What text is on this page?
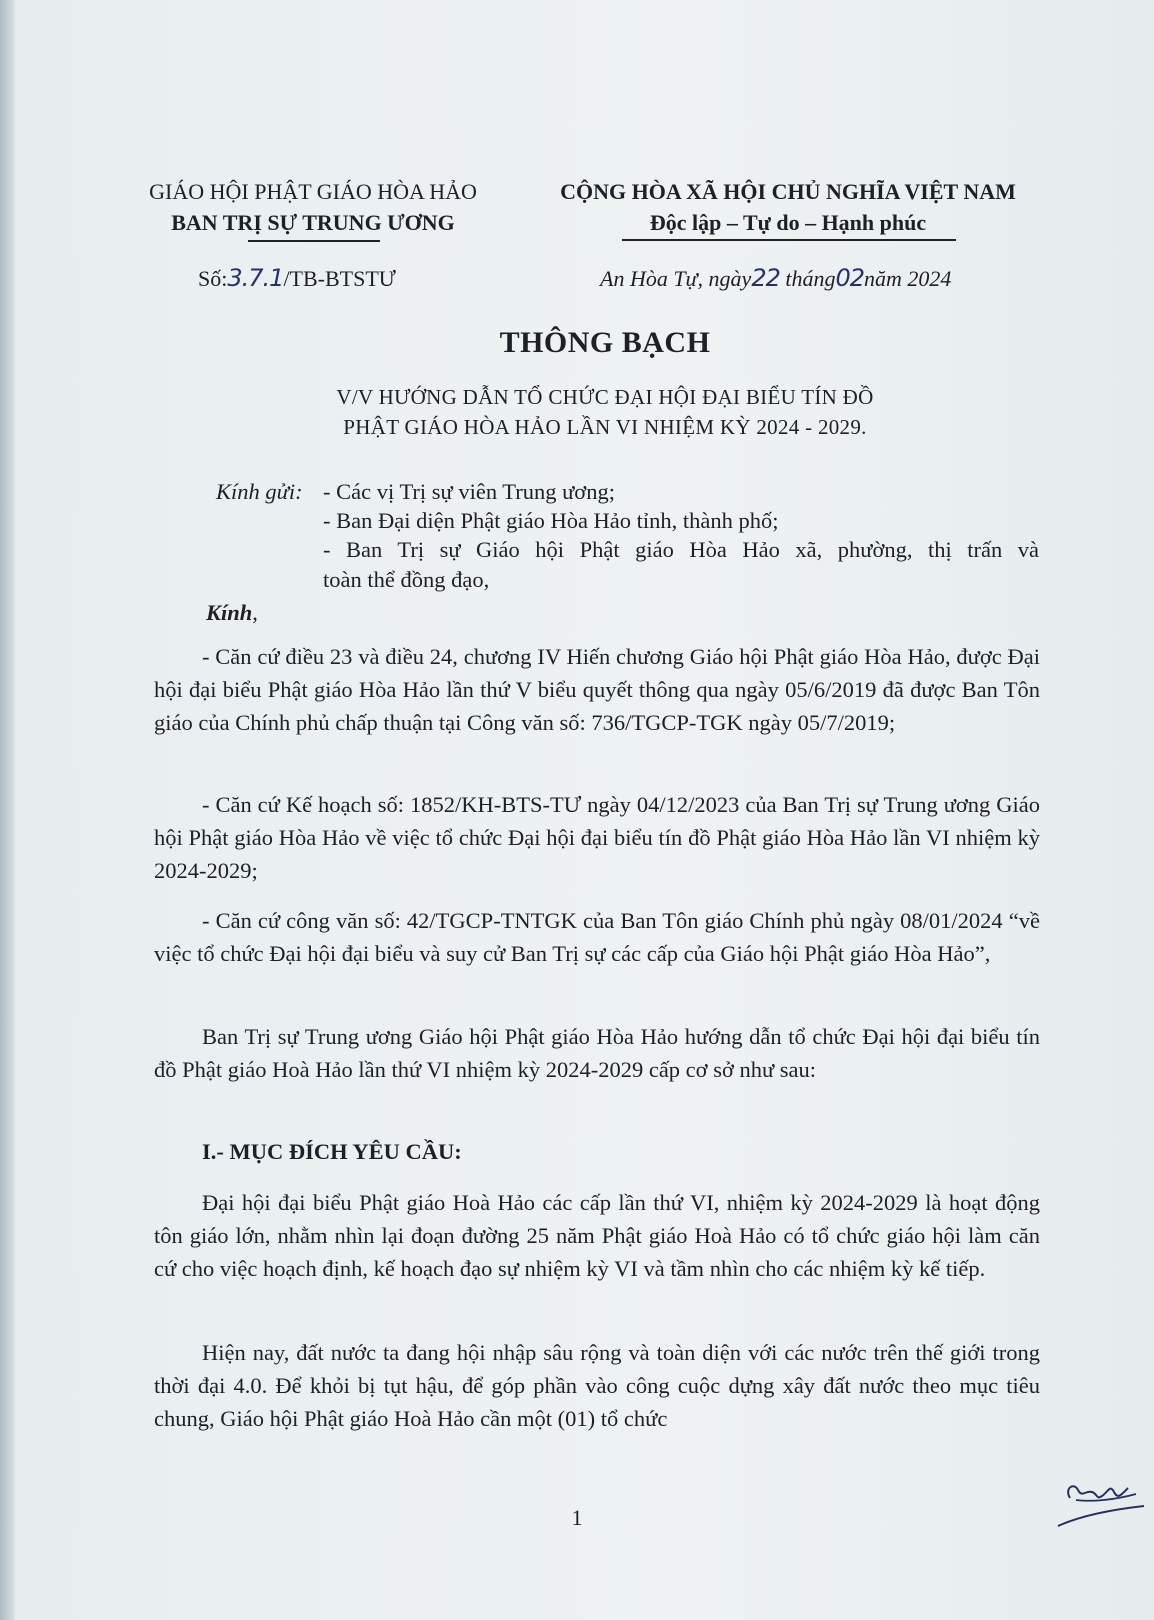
GIÁO HỘI PHẬT GIÁO HÒA HẢO
BAN TRỊ SỰ TRUNG ƯƠNG
CỘNG HÒA XÃ HỘI CHỦ NGHĨA VIỆT NAM
Độc lập – Tự do – Hạnh phúc
Số:3.7.1/TB-BTSTƯ	An Hòa Tự, ngày22 tháng02năm 2024
THÔNG BẠCH
V/V HƯỚNG DẪN TỔ CHỨC ĐẠI HỘI ĐẠI BIỂU TÍN ĐỒ
PHẬT GIÁO HÒA HẢO LẦN VI NHIỆM KỲ 2024 - 2029.
Kính gửi: - Các vị Trị sự viên Trung ương;
- Ban Đại diện Phật giáo Hòa Hảo tỉnh, thành phố;
- Ban Trị sự Giáo hội Phật giáo Hòa Hảo xã, phường, thị trấn và
toàn thể đồng đạo,
Kính,
- Căn cứ điều 23 và điều 24, chương IV Hiến chương Giáo hội Phật giáo Hòa Hảo, được Đại hội đại biểu Phật giáo Hòa Hảo lần thứ V biểu quyết thông qua ngày 05/6/2019 đã được Ban Tôn giáo của Chính phủ chấp thuận tại Công văn số: 736/TGCP-TGK ngày 05/7/2019;
- Căn cứ Kế hoạch số: 1852/KH-BTS-TƯ ngày 04/12/2023 của Ban Trị sự Trung ương Giáo hội Phật giáo Hòa Hảo về việc tổ chức Đại hội đại biểu tín đồ Phật giáo Hòa Hảo lần VI nhiệm kỳ 2024-2029;
- Căn cứ công văn số: 42/TGCP-TNTGK của Ban Tôn giáo Chính phủ ngày 08/01/2024 “về việc tổ chức Đại hội đại biểu và suy cử Ban Trị sự các cấp của Giáo hội Phật giáo Hòa Hảo”,
Ban Trị sự Trung ương Giáo hội Phật giáo Hòa Hảo hướng dẫn tổ chức Đại hội đại biểu tín đồ Phật giáo Hoà Hảo lần thứ VI nhiệm kỳ 2024-2029 cấp cơ sở như sau:
I.- MỤC ĐÍCH YÊU CẦU:
Đại hội đại biểu Phật giáo Hoà Hảo các cấp lần thứ VI, nhiệm kỳ 2024-2029 là hoạt động tôn giáo lớn, nhằm nhìn lại đoạn đường 25 năm Phật giáo Hoà Hảo có tổ chức giáo hội làm căn cứ cho việc hoạch định, kế hoạch đạo sự nhiệm kỳ VI và tầm nhìn cho các nhiệm kỳ kế tiếp.
Hiện nay, đất nước ta đang hội nhập sâu rộng và toàn diện với các nước trên thế giới trong thời đại 4.0. Để khỏi bị tụt hậu, để góp phần vào công cuộc dựng xây đất nước theo mục tiêu chung, Giáo hội Phật giáo Hoà Hảo cần một (01) tổ chức
1
